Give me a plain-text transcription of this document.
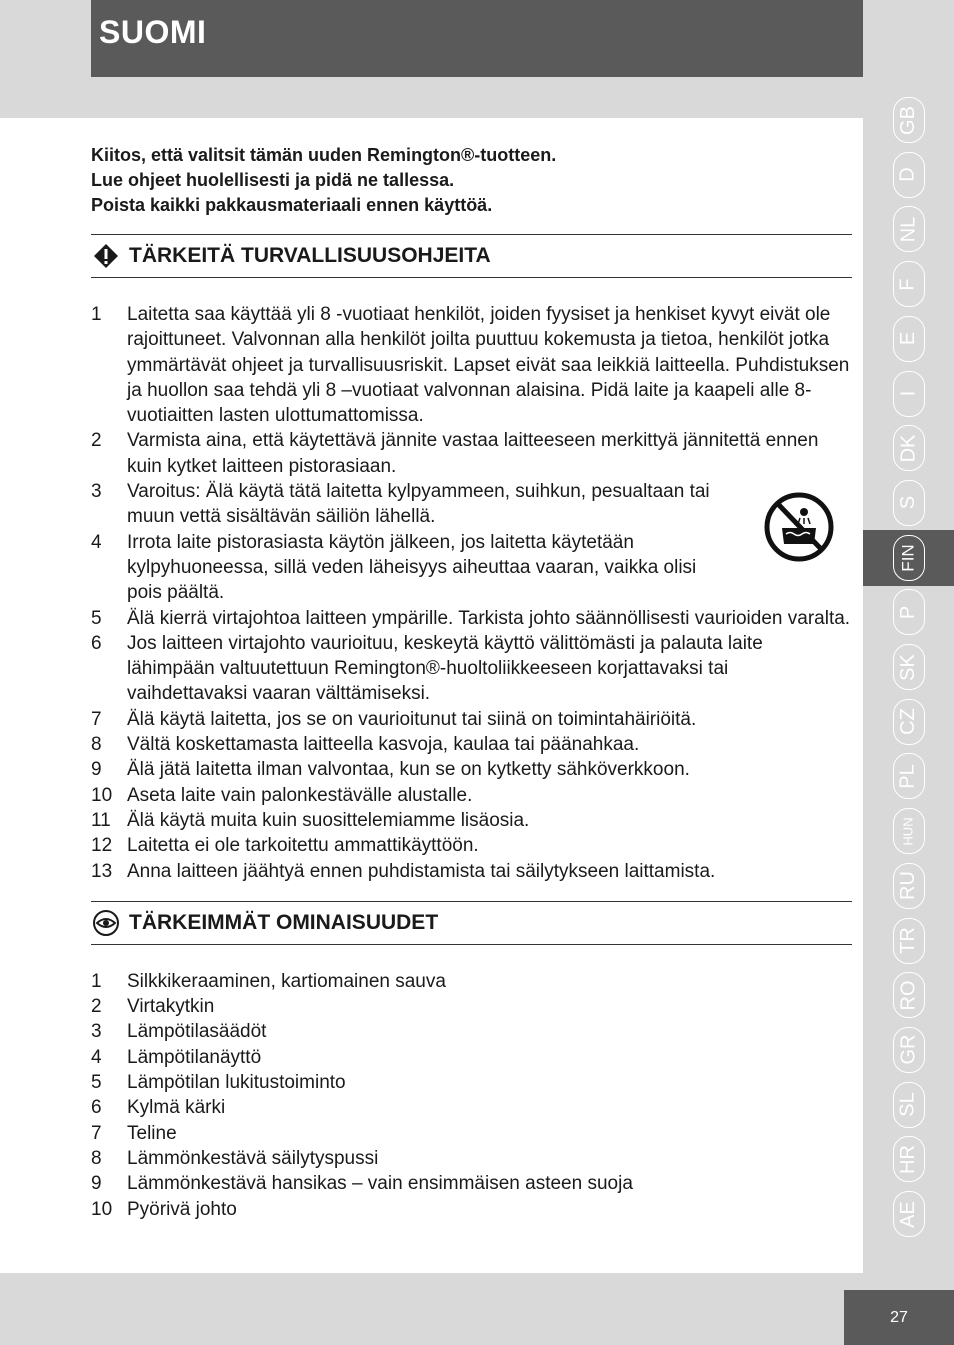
SUOMI

Kiitos, että valitsit tämän uuden Remington®-tuotteen.

Lue ohjeet huolellisesti ja pidä ne tallessa.

Poista kaikki pakkausmateriaali ennen käyttöä.

TÄRKEITÄ TURVALLISUUSOHJEITA
1 Laitetta saa käyttää yli 8 -vuotiaat henkilöt, joiden fyysiset ja henkiset kyvyt eivät ole rajoittuneet. Valvonnan alla henkilöt joilta puuttuu kokemusta ja tietoa, henkilöt jotka ymmärtävät ohjeet ja turvallisuusriskit. Lapset eivät saa leikkiä laitteella. Puhdistuksen ja huollon saa tehdä yli 8 –vuotiaat valvonnan alaisina. Pidä laite ja kaapeli alle 8-vuotiaitten lasten ulottumattomissa.
2 Varmista aina, että käytettävä jännite vastaa laitteeseen merkittyä jännitettä ennen kuin kytket laitteen pistorasiaan.
3 Varoitus: Älä käytä tätä laitetta kylpyammeen, suihkun, pesualtaan tai muun vettä sisältävän säiliön lähellä.
4 Irrota laite pistorasiasta käytön jälkeen, jos laitetta käytetään kylpyhuoneessa, sillä veden läheisyys aiheuttaa vaaran, vaikka olisi pois päältä.
5 Älä kierrä virtajohtoa laitteen ympärille. Tarkista johto säännöllisesti vaurioiden varalta.
6 Jos laitteen virtajohto vaurioituu, keskeytä käyttö välittömästi ja palauta laite lähimpään valtuutettuun Remington®-huoltoliikkeeseen korjattavaksi tai vaihdettavaksi vaaran välttämiseksi.
7 Älä käytä laitetta, jos se on vaurioitunut tai siinä on toimintahäiriöitä.
8 Vältä koskettamasta laitteella kasvoja, kaulaa tai päänahkaa.
9 Älä jätä laitetta ilman valvontaa, kun se on kytketty sähköverkkoon.
10 Aseta laite vain palonkestävälle alustalle.
11 Älä käytä muita kuin suosittelemiamme lisäosia.
12 Laitetta ei ole tarkoitettu ammattikäyttöön.
13 Anna laitteen jäähtyä ennen puhdistamista tai säilytykseen laittamista.
TÄRKEIMMÄT OMINAISUUDET
1 Silkkikeraaminen, kartiomainen sauva
2 Virtakytkin
3 Lämpötilasäädöt
4 Lämpötilanäyttö
5 Lämpötilan lukitustoiminto
6 Kylmä kärki
7 Teline
8 Lämmönkestävä säilytyspussi
9 Lämmönkestävä hansikas – vain ensimmäisen asteen suoja
10 Pyörivä johto
GB
D
NL
F
E
I
DK
S
FIN
P
SK
CZ
PL
HUN
RU
TR
RO
GR
SL
HR
AE
27
